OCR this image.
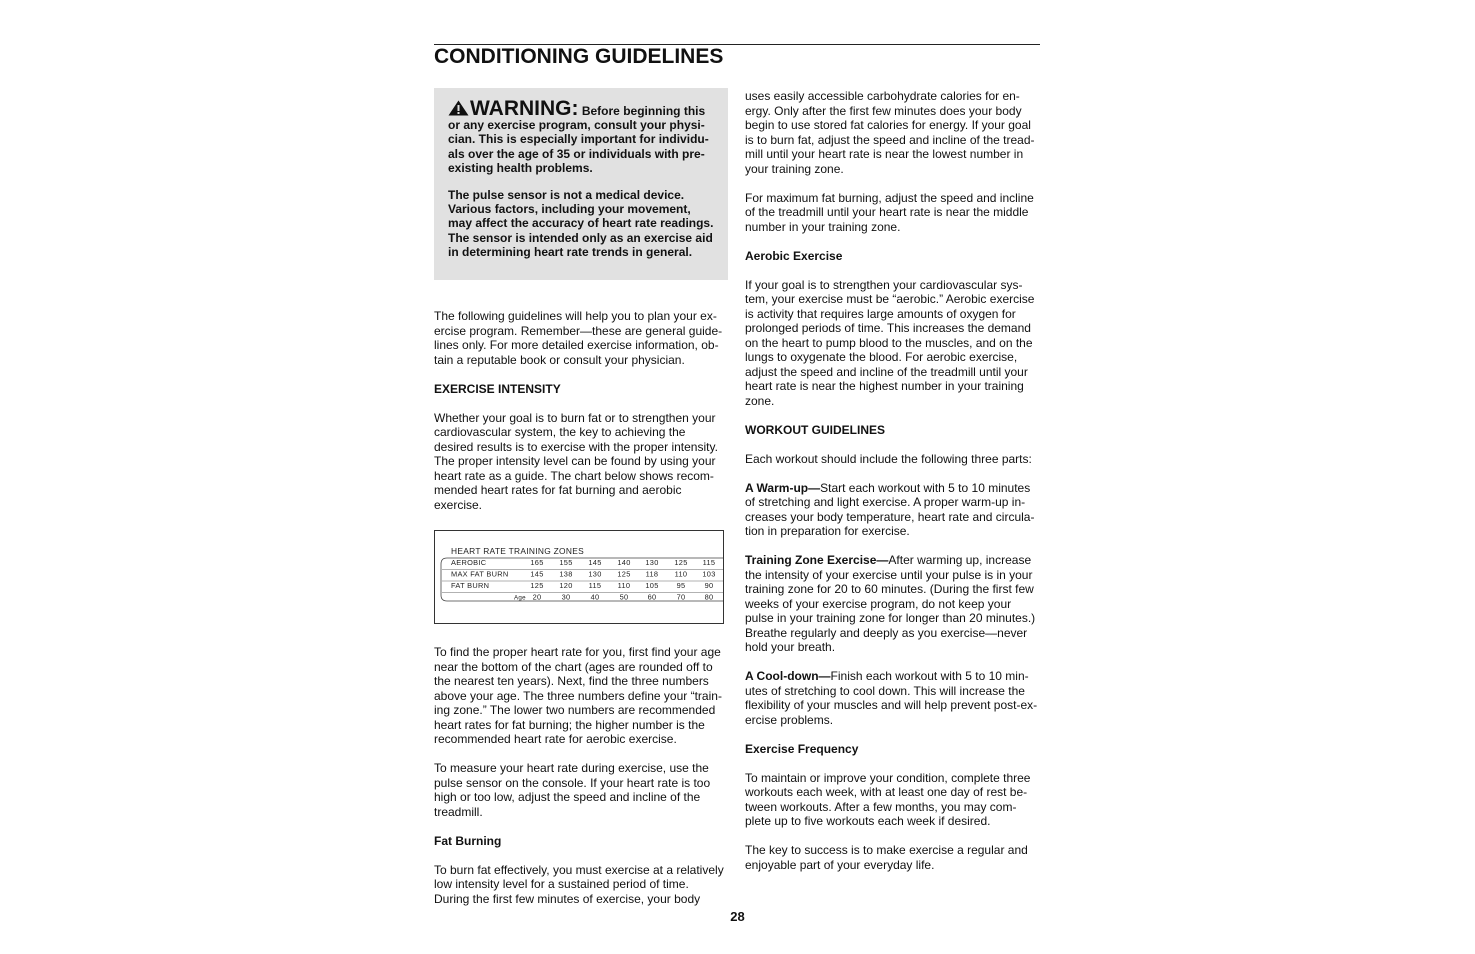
CONDITIONING GUIDELINES

WARNING: Before beginning this
or any exercise program, consult your physi-
cian. This is especially important for individu-
als over the age of 35 or individuals with pre-
existing health problems.

The pulse sensor is not a medical device.
Various factors, including your movement,
may affect the accuracy of heart rate readings.
The sensor is intended only as an exercise aid
in determining heart rate trends in general.

The following guidelines will help you to plan your ex-
ercise program. Remember—these are general guide-
lines only. For more detailed exercise information, ob-
tain a reputable book or consult your physician.

EXERCISE INTENSITY

Whether your goal is to burn fat or to strengthen your
cardiovascular system, the key to achieving the
desired results is to exercise with the proper intensity.
The proper intensity level can be found by using your
heart rate as a guide. The chart below shows recom-
mended heart rates for fat burning and aerobic exercise.

HEART RATE TRAINING ZONES
AEROBIC	165 155 145 140 130 125 115
MAX FAT BURN	145 138 130 125 118 110 103
FAT BURN	125 120 115 110 105 95	90
Age 20	30	40	50	60	70	80

To find the proper heart rate for you, first find your age
near the bottom of the chart (ages are rounded off to
the nearest ten years). Next, find the three numbers
above your age. The three numbers define your “train-
ing zone.” The lower two numbers are recommended
heart rates for fat burning; the higher number is the
recommended heart rate for aerobic exercise.

To measure your heart rate during exercise, use the
pulse sensor on the console. If your heart rate is too
high or too low, adjust the speed and incline of the
treadmill.

Fat Burning

To burn fat effectively, you must exercise at a relatively
low intensity level for a sustained period of time.
During the first few minutes of exercise, your body

uses easily accessible carbohydrate calories for en-
ergy. Only after the first few minutes does your body
begin to use stored fat calories for energy. If your goal
is to burn fat, adjust the speed and incline of the tread-
mill until your heart rate is near the lowest number in
your training zone.

For maximum fat burning, adjust the speed and incline
of the treadmill until your heart rate is near the middle
number in your training zone.

Aerobic Exercise

If your goal is to strengthen your cardiovascular sys-
tem, your exercise must be “aerobic.” Aerobic exercise
is activity that requires large amounts of oxygen for
prolonged periods of time. This increases the demand
on the heart to pump blood to the muscles, and on the
lungs to oxygenate the blood. For aerobic exercise,
adjust the speed and incline of the treadmill until your
heart rate is near the highest number in your training
zone.

WORKOUT GUIDELINES

Each workout should include the following three parts:

A Warm-up—Start each workout with 5 to 10 minutes
of stretching and light exercise. A proper warm-up in-
creases your body temperature, heart rate and circula-
tion in preparation for exercise.

Training Zone Exercise—After warming up, increase
the intensity of your exercise until your pulse is in your
training zone for 20 to 60 minutes. (During the first few
weeks of your exercise program, do not keep your
pulse in your training zone for longer than 20 minutes.)
Breathe regularly and deeply as you exercise—never
hold your breath.

A Cool-down—Finish each workout with 5 to 10 min-
utes of stretching to cool down. This will increase the
flexibility of your muscles and will help prevent post-ex-
ercise problems.

Exercise Frequency

To maintain or improve your condition, complete three
workouts each week, with at least one day of rest be-
tween workouts. After a few months, you may com-
plete up to five workouts each week if desired.

The key to success is to make exercise a regular and
enjoyable part of your everyday life.

28
